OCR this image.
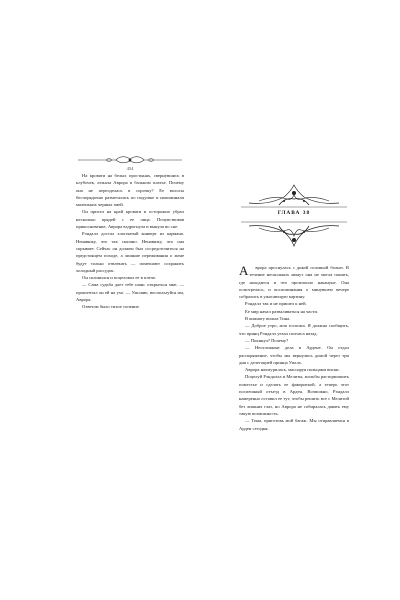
454

На кровати на белых простынях, свернувшись в клубочек, лежала Аврора в бальном платье. Почему она не переоделась в сорочку? Ее волосы беспорядочно разметались по подушке и напоминали маленьких черных змей.

Он присел на край кровати и осторожно убрал несколько прядей с ее лица. Почувствовав прикосновение, Аврора вздрогнула и вынула во сне.

Рэндалл достал хлопчатый конверт из кармана. Ненавижу, что так сказано. Ненавижу, что она скрывает. Сейчас он должен был сосредоточиться на предстоящем походе, а лишние переживания о жене будут только отвлекать — помешают сохранить холодный рассудок.

Он склонился и поцеловал ее в плечо.

— Сама судьба дает тебе шанс открыться мне, — прошептал он ей на ухо. — Умоляю, воспользуйся им, Аврора.

Ответом было тихое сопение.

ГЛАВА 38

А врора проснулась с дикой головной болью. В течение нескольких минут она не могла понять, где находится и что произошло накануне. Она осмотрелась, и воспоминания о минувшем вечере собрались в ужасающую картину.

Рэндалл так и не пришел к ней.

Ее мир начал разваливаться на части.

В комнату вошла Тина.

— Доброе утро, моя госпожа. Я должна сообщить, что принц Рэндалл уехал полчаса назад.

— Покинул? Почему?

— Неотложные дела в Ардене. Он отдал распоряжение, чтобы мы вернулись домой через три дня с делегацией принца Уилла.

Аврора нахмурилась, массируя пальцами виски.

Поцелуй Рэндалла и Мелиты, мольбы растормошить поместье и сделать ее фавориткой, а теперь этот поспешный отъезд в Арден. Возможно, Рэндалл намеренно оставил ее тут, чтобы решить все с Мелитой без лишних глаз, но Аврора не собиралась давать ему такую возможность.

— Тина, приготовь мой багаж. Мы отправляемся в Арден сегодня.
